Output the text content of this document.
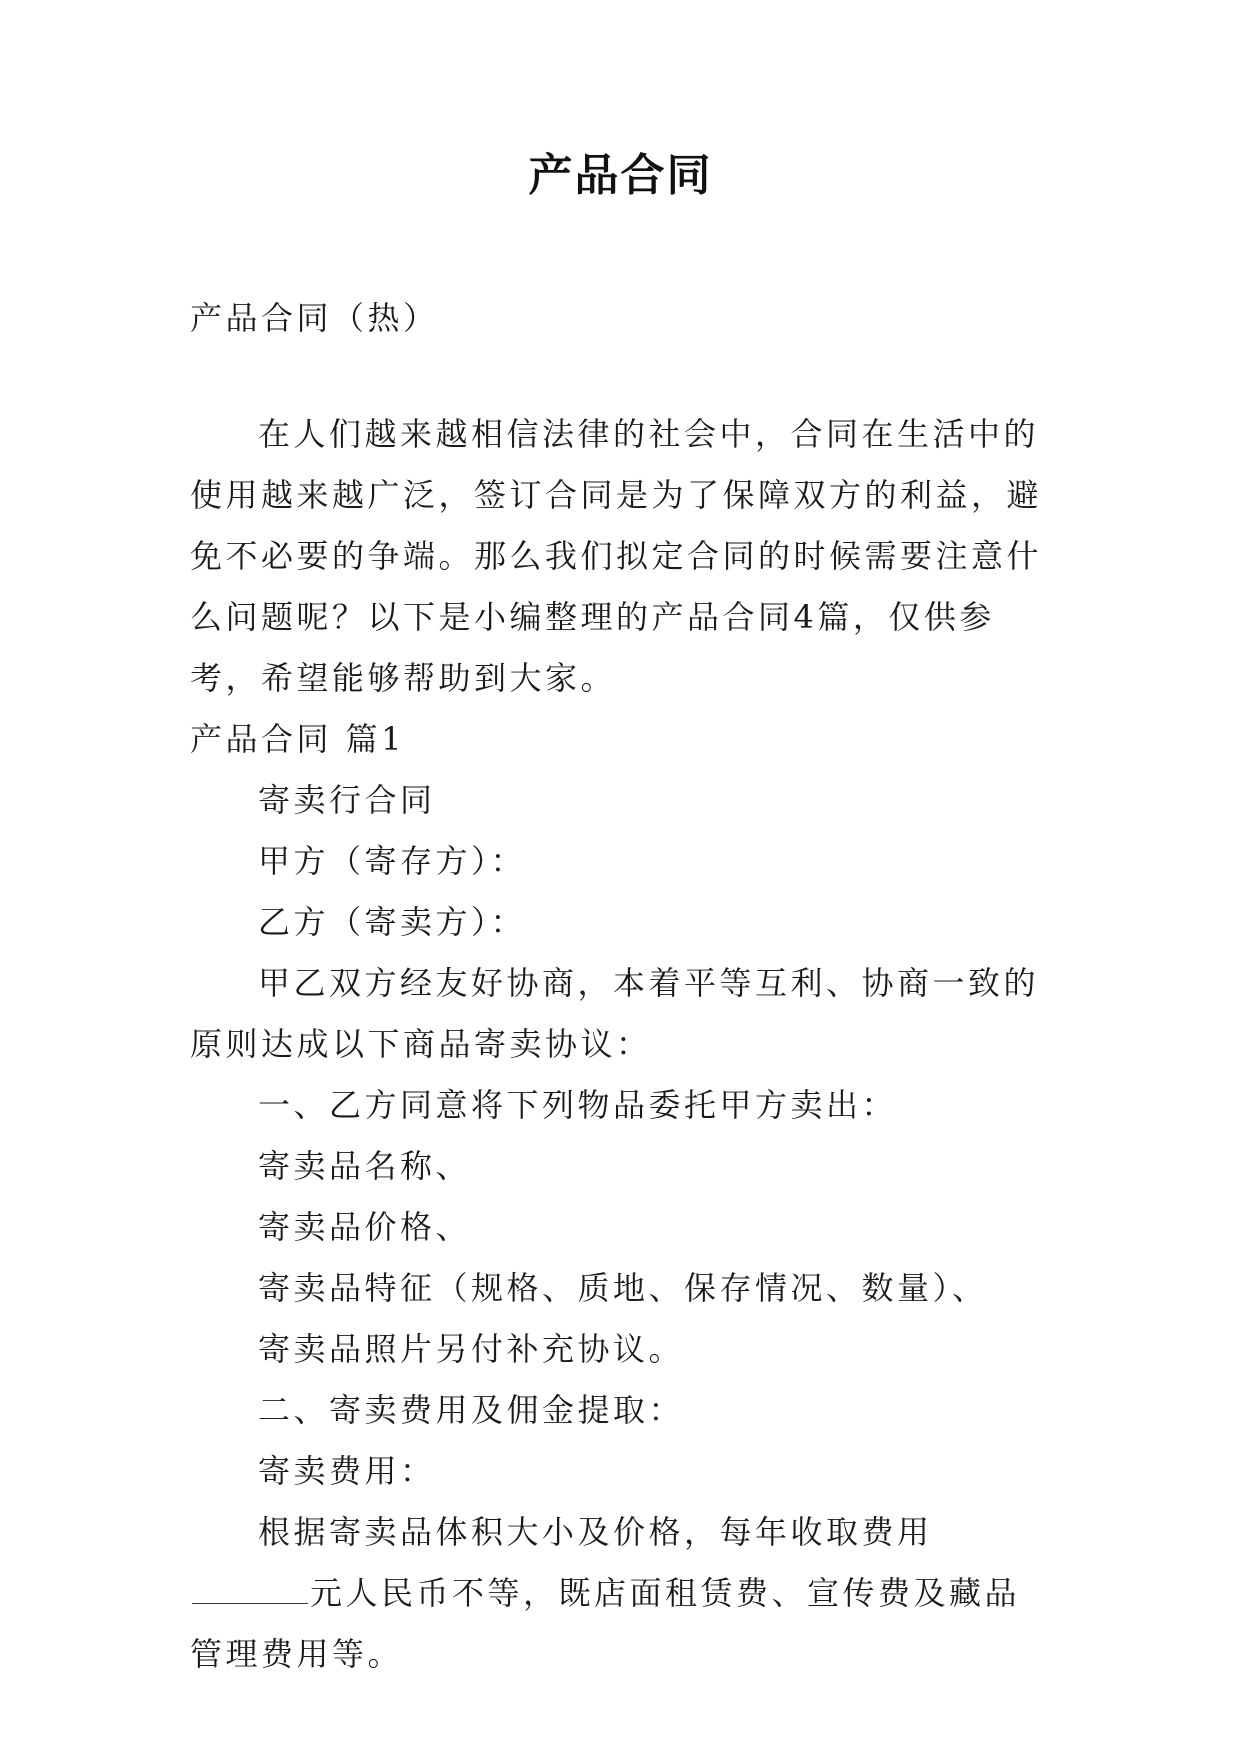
产品合同

产品合同（热）

在人们越来越相信法律的社会中，合同在生活中的使用越来越广泛，签订合同是为了保障双方的利益，避免不必要的争端。那么我们拟定合同的时候需要注意什么问题呢？以下是小编整理的产品合同4篇，仅供参考，希望能够帮助到大家。

产品合同 篇1

寄卖行合同

甲方（寄存方）：

乙方（寄卖方）：

甲乙双方经友好协商，本着平等互利、协商一致的原则达成以下商品寄卖协议：

一、乙方同意将下列物品委托甲方卖出：

寄卖品名称、

寄卖品价格、

寄卖品特征（规格、质地、保存情况、数量）、

寄卖品照片另付补充协议。

二、寄卖费用及佣金提取：

寄卖费用：

根据寄卖品体积大小及价格，每年收取费用元人民币不等，既店面租赁费、宣传费及藏品管理费用等。
